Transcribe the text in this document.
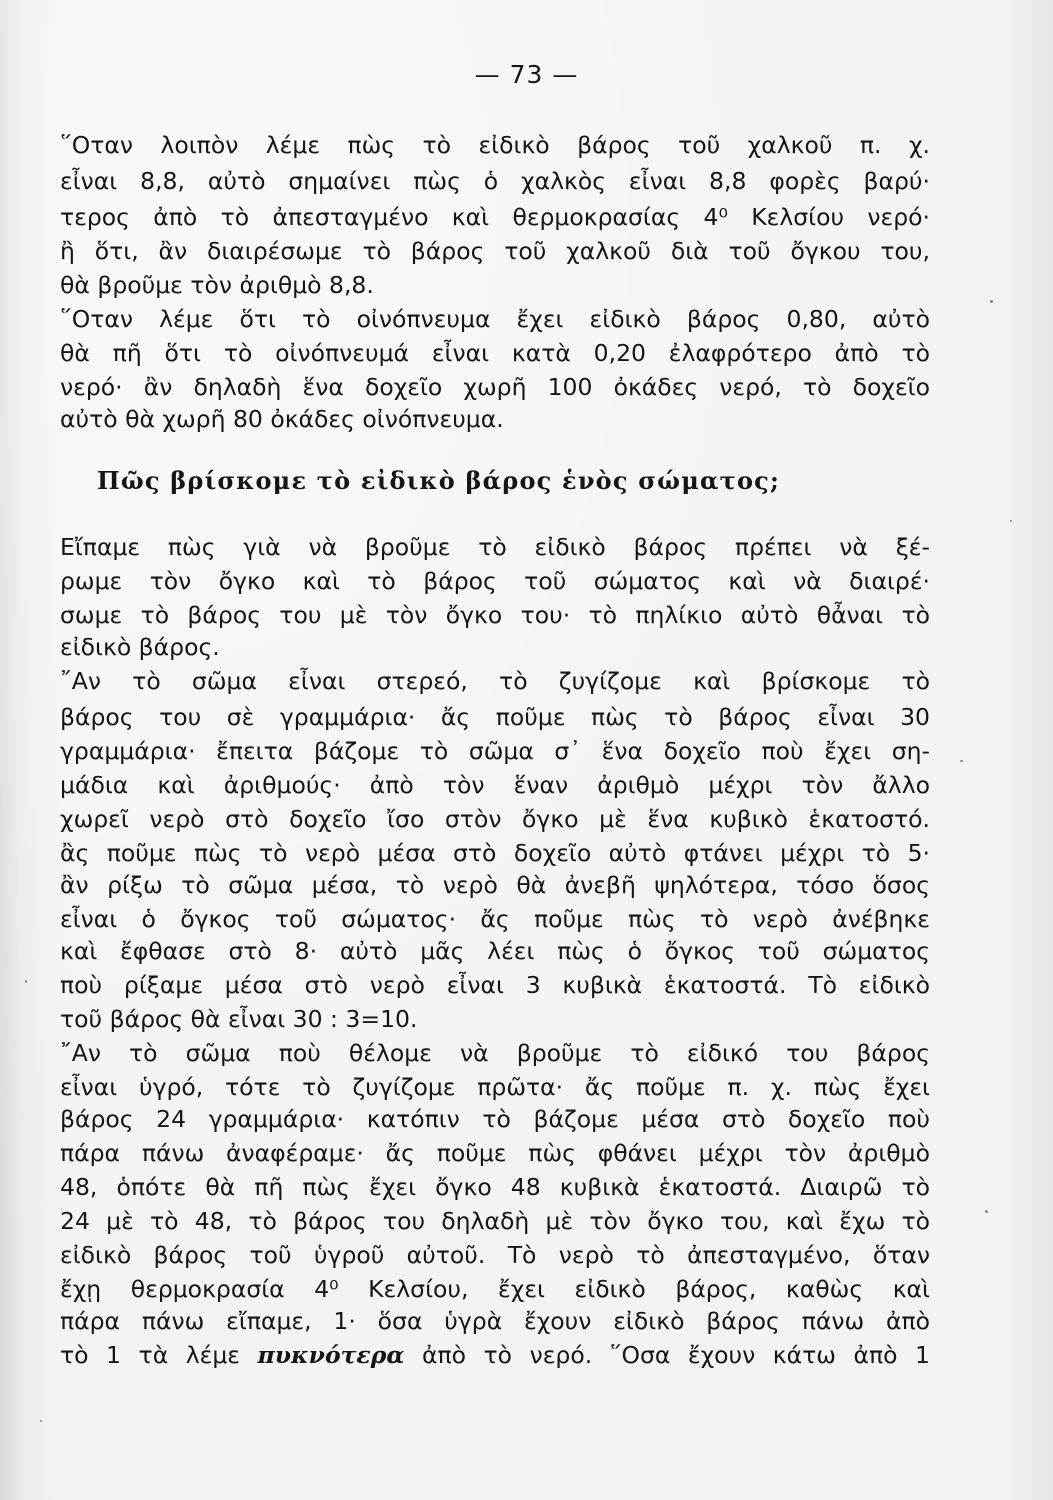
— 73 —
῞Οταν λοιπὸν λέμε πὼς τὸ εἰδικὸ βάρος τοῦ χαλκοῦ π. χ.
εἶναι 8,8, αὐτὸ σημαίνει πὼς ὁ χαλκὸς εἶναι 8,8 φορὲς βαρύ·
τερος ἀπὸ τὸ ἀπεσταγμένο καὶ θερμοκρασίας 4⁰ Κελσίου νερό·
ἢ ὅτι, ἂν διαιρέσωμε τὸ βάρος τοῦ χαλκοῦ διὰ τοῦ ὄγκου του,
θὰ βροῦμε τὸν ἀριθμὸ 8,8.
῞Οταν λέμε ὅτι τὸ οἰνόπνευμα ἔχει εἰδικὸ βάρος 0,80, αὐτὸ
θὰ πῆ ὅτι τὸ οἰνόπνευμά εἶναι κατὰ 0,20 ἐλαφρότερο ἀπὸ τὸ
νερό· ἂν δηλαδὴ ἕνα δοχεῖο χωρῆ 100 ὀκάδες νερό, τὸ δοχεῖο
αὐτὸ θὰ χωρῆ 80 ὀκάδες οἰνόπνευμα.
Πῶς βρίσκομε τὸ εἰδικὸ βάρος ἑνὸς σώματος;
Εἴπαμε πὼς γιὰ νὰ βροῦμε τὸ εἰδικὸ βάρος πρέπει νὰ ξέ-
ρωμε τὸν ὄγκο καὶ τὸ βάρος τοῦ σώματος καὶ νὰ διαιρέ·
σωμε τὸ βάρος του μὲ τὸν ὄγκο του· τὸ πηλίκιο αὐτὸ θἆναι τὸ
εἰδικὸ βάρος.
῎Αν τὸ σῶμα εἶναι στερεό, τὸ ζυγίζομε καὶ βρίσκομε τὸ
βάρος του σὲ γραμμάρια· ἄς ποῦμε πὼς τὸ βάρος εἶναι 30
γραμμάρια· ἔπειτα βάζομε τὸ σῶμα σ᾿ ἕνα δοχεῖο ποὺ ἔχει ση-
μάδια καὶ ἀριθμούς· ἀπὸ τὸν ἕναν ἀριθμὸ μέχρι τὸν ἄλλο
χωρεῖ νερὸ στὸ δοχεῖο ἴσο στὸν ὄγκο μὲ ἕνα κυβικὸ ἑκατοστό.
ἂς ποῦμε πὼς τὸ νερὸ μέσα στὸ δοχεῖο αὐτὸ φτάνει μέχρι τὸ 5·
ἂν ρίξω τὸ σῶμα μέσα, τὸ νερὸ θὰ ἀνεβῆ ψηλότερα, τόσο ὅσος
εἶναι ὁ ὄγκος τοῦ σώματος· ἄς ποῦμε πὼς τὸ νερὸ ἀνέβηκε
καὶ ἔφθασε στὸ 8· αὐτὸ μᾶς λέει πὼς ὁ ὄγκος τοῦ σώματος
ποὺ ρίξαμε μέσα στὸ νερὸ εἶναι 3 κυβικὰ ἑκατοστά. Τὸ εἰδικὸ
τοῦ βάρος θὰ εἶναι 30 : 3=10.
῎Αν τὸ σῶμα ποὺ θέλομε νὰ βροῦμε τὸ εἰδικό του βάρος
εἶναι ὑγρό, τότε τὸ ζυγίζομε πρῶτα· ἄς ποῦμε π. χ. πὼς ἔχει
βάρος 24 γραμμάρια· κατόπιν τὸ βάζομε μέσα στὸ δοχεῖο ποὺ
πάρα πάνω ἀναφέραμε· ἄς ποῦμε πὼς φθάνει μέχρι τὸν ἀριθμὸ
48, ὁπότε θὰ πῆ πὼς ἔχει ὄγκο 48 κυβικὰ ἑκατοστά. Διαιρῶ τὸ
24 μὲ τὸ 48, τὸ βάρος του δηλαδὴ μὲ τὸν ὄγκο του, καὶ ἔχω τὸ
εἰδικὸ βάρος τοῦ ὑγροῦ αὐτοῦ. Τὸ νερὸ τὸ ἀπεσταγμένο, ὅταν
ἔχῃ θερμοκρασία 4⁰ Κελσίου, ἔχει εἰδικὸ βάρος, καθὼς καὶ
πάρα πάνω εἴπαμε, 1· ὅσα ὑγρὰ ἔχουν εἰδικὸ βάρος πάνω ἀπὸ
τὸ 1 τὰ λέμε πυκνότερα ἀπὸ τὸ νερό. ῞Οσα ἔχουν κάτω ἀπὸ 1
